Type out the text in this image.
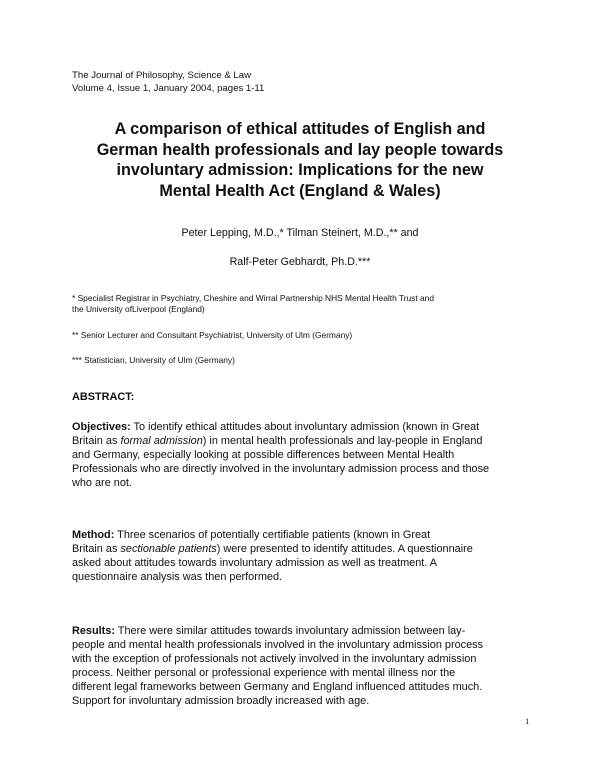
The Journal of Philosophy, Science & Law
Volume 4, Issue 1, January 2004, pages 1-11
A comparison of ethical attitudes of English and
German health professionals and lay people towards
involuntary admission: Implications for the new
Mental Health Act (England & Wales)
Peter Lepping, M.D.,* Tilman Steinert, M.D.,** and
Ralf-Peter Gebhardt, Ph.D.***
* Specialist Registrar in Psychiatry, Cheshire and Wirral Partnership NHS Mental Health Trust and
the University ofLiverpool (England)
** Senior Lecturer and Consultant Psychiatrist, University of Ulm (Germany)
*** Statistician, University of Ulm (Germany)
ABSTRACT:
Objectives: To identify ethical attitudes about involuntary admission (known in Great
Britain as formal admission) in mental health professionals and lay-people in England
and Germany, especially looking at possible differences between Mental Health
Professionals who are directly involved in the involuntary admission process and those
who are not.
Method: Three scenarios of potentially certifiable patients (known in Great
Britain as sectionable patients) were presented to identify attitudes. A questionnaire
asked about attitudes towards involuntary admission as well as treatment. A
questionnaire analysis was then performed.
Results: There were similar attitudes towards involuntary admission between lay-
people and mental health professionals involved in the involuntary admission process
with the exception of professionals not actively involved in the involuntary admission
process. Neither personal or professional experience with mental illness nor the
different legal frameworks between Germany and England influenced attitudes much.
Support for involuntary admission broadly increased with age.
1
